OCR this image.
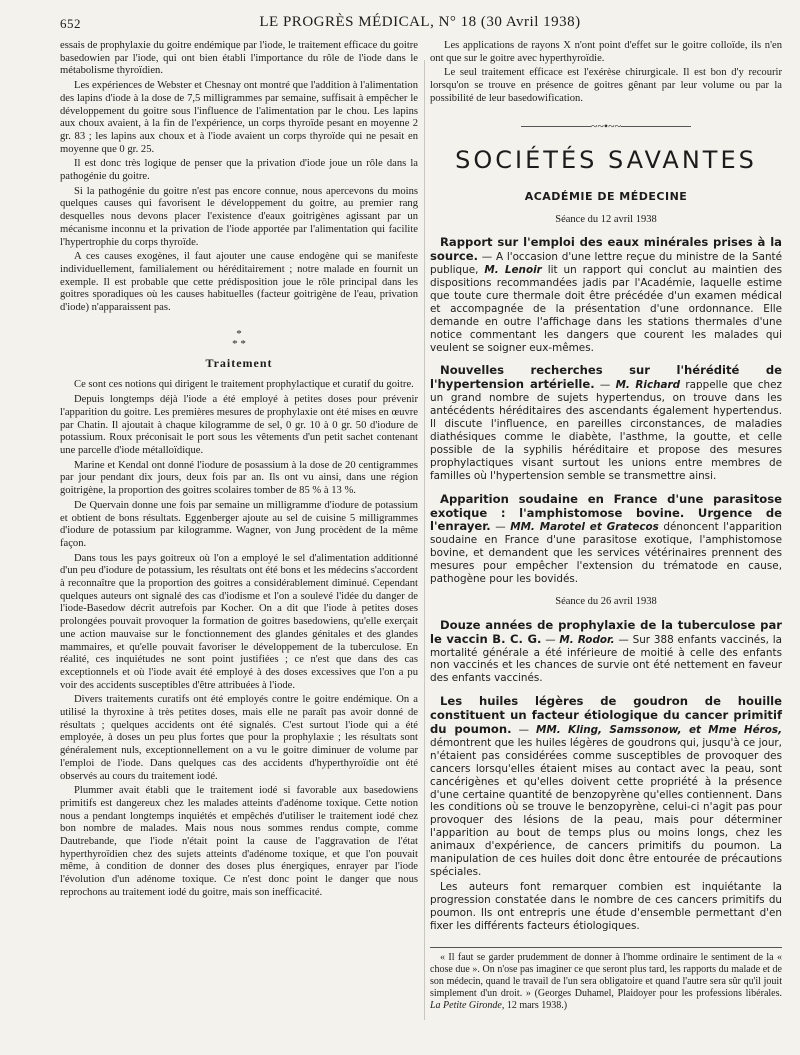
652	LE PROGRÈS MÉDICAL, N° 18 (30 Avril 1938)

essais de prophylaxie du goitre endémique par l'iode, le traitement efficace du goitre basedowien par l'iode, qui ont bien établi l'importance du rôle de l'iode dans le métabolisme thyroïdien.

Les expériences de Webster et Chesnay ont montré que l'addition à l'alimentation des lapins d'iode à la dose de 7,5 milligrammes par semaine, suffisait à empêcher le développement du goitre sous l'influence de l'alimentation par le chou. Les lapins aux choux avaient, à la fin de l'expérience, un corps thyroïde pesant en moyenne 2 gr. 83 ; les lapins aux choux et à l'iode avaient un corps thyroïde qui ne pesait en moyenne que 0 gr. 25.

Il est donc très logique de penser que la privation d'iode joue un rôle dans la pathogénie du goitre.

Si la pathogénie du goitre n'est pas encore connue, nous apercevons du moins quelques causes qui favorisent le développement du goitre, au premier rang desquelles nous devons placer l'existence d'eaux goitrigènes agissant par un mécanisme inconnu et la privation de l'iode apportée par l'alimentation qui facilite l'hypertrophie du corps thyroïde.

A ces causes exogènes, il faut ajouter une cause endogène qui se manifeste individuellement, familialement ou héréditairement ; notre malade en fournit un exemple. Il est probable que cette prédisposition joue le rôle principal dans les goitres sporadiques où les causes habituelles (facteur goitrigène de l'eau, privation d'iode) n'apparaissent pas.

*
* *
Traitement

Ce sont ces notions qui dirigent le traitement prophylactique et curatif du goitre.

Depuis longtemps déjà l'iode a été employé à petites doses pour prévenir l'apparition du goitre. Les premières mesures de prophylaxie ont été mises en œuvre par Chatin. Il ajoutait à chaque kilogramme de sel, 0 gr. 10 à 0 gr. 50 d'iodure de potassium. Roux préconisait le port sous les vêtements d'un petit sachet contenant une parcelle d'iode métalloïdique.

Marine et Kendal ont donné l'iodure de posassium à la dose de 20 centigrammes par jour pendant dix jours, deux fois par an. Ils ont vu ainsi, dans une région goitrigène, la proportion des goitres scolaires tomber de 85 % à 13 %.

De Quervain donne une fois par semaine un milligramme d'iodure de potassium et obtient de bons résultats. Eggenberger ajoute au sel de cuisine 5 milligrammes d'iodure de potassium par kilogramme. Wagner, von Jung procèdent de la même façon.

Dans tous les pays goitreux où l'on a employé le sel d'alimentation additionné d'un peu d'iodure de potassium, les résultats ont été bons et les médecins s'accordent à reconnaître que la proportion des goitres a considérablement diminué. Cependant quelques auteurs ont signalé des cas d'iodisme et l'on a soulevé l'idée du danger de l'iode-Basedow décrit autrefois par Kocher. On a dit que l'iode à petites doses prolongées pouvait provoquer la formation de goitres basedowiens, qu'elle exerçait une action mauvaise sur le fonctionnement des glandes génitales et des glandes mammaires, et qu'elle pouvait favoriser le développement de la tuberculose. En réalité, ces inquiétudes ne sont point justifiées ; ce n'est que dans des cas exceptionnels et où l'iode avait été employé à des doses excessives que l'on a pu voir des accidents susceptibles d'être attribuées à l'iode.

Divers traitements curatifs ont été employés contre le goitre endémique. On a utilisé la thyroxine à très petites doses, mais elle ne paraît pas avoir donné de résultats ; quelques accidents ont été signalés. C'est surtout l'iode qui a été employée, à doses un peu plus fortes que pour la prophylaxie ; les résultats sont généralement nuls, exceptionnellement on a vu le goitre diminuer de volume par l'emploi de l'iode. Dans quelques cas des accidents d'hyperthyroïdie ont été observés au cours du traitement iodé.

Plummer avait établi que le traitement iodé si favorable aux basedowiens primitifs est dangereux chez les malades atteints d'adénome toxique. Cette notion nous a pendant longtemps inquiétés et empêchés d'utiliser le traitement iodé chez bon nombre de malades. Mais nous nous sommes rendus compte, comme Dautrebande, que l'iode n'était point la cause de l'aggravation de l'état hyperthyroïdien chez des sujets atteints d'adénome toxique, et que l'on pouvait même, à condition de donner des doses plus énergiques, enrayer par l'iode l'évolution d'un adénome toxique. Ce n'est donc point le danger que nous reprochons au traitement iodé du goitre, mais son inefficacité.

Les applications de rayons X n'ont point d'effet sur le goitre colloïde, ils n'en ont que sur le goitre avec hyperthyroïdie.

Le seul traitement efficace est l'exérèse chirurgicale. Il est bon d'y recourir lorsqu'on se trouve en présence de goitres gênant par leur volume ou par la possibilité de leur basedowification.

~~•~~
SOCIÉTÉS SAVANTES
ACADÉMIE DE MÉDECINE
Séance du 12 avril 1938

Rapport sur l'emploi des eaux minérales prises à la source. — A l'occasion d'une lettre reçue du ministre de la Santé publique, M. Lenoir lit un rapport qui conclut au maintien des dispositions recommandées jadis par l'Académie, laquelle estime que toute cure thermale doit être précédée d'un examen médical et accompagnée de la présentation d'une ordonnance. Elle demande en outre l'affichage dans les stations thermales d'une notice commentant les dangers que courent les malades qui veulent se soigner eux-mêmes.

Nouvelles recherches sur l'hérédité de l'hypertension artérielle. — M. Richard rappelle que chez un grand nombre de sujets hypertendus, on trouve dans les antécédents héréditaires des ascendants également hypertendus. Il discute l'influence, en pareilles circonstances, de maladies diathésiques comme le diabète, l'asthme, la goutte, et celle possible de la syphilis héréditaire et propose des mesures prophylactiques visant surtout les unions entre membres de familles où l'hypertension semble se transmettre ainsi.

Apparition soudaine en France d'une parasitose exotique : l'amphistomose bovine. Urgence de l'enrayer. — MM. Marotel et Gratecos dénoncent l'apparition soudaine en France d'une parasitose exotique, l'amphistomose bovine, et demandent que les services vétérinaires prennent des mesures pour empêcher l'extension du trématode en cause, pathogène pour les bovidés.

Séance du 26 avril 1938

Douze années de prophylaxie de la tuberculose par le vaccin B. C. G. — M. Rodor. — Sur 388 enfants vaccinés, la mortalité générale a été inférieure de moitié à celle des enfants non vaccinés et les chances de survie ont été nettement en faveur des enfants vaccinés.

Les huiles légères de goudron de houille constituent un facteur étiologique du cancer primitif du poumon. — MM. Kling, Samssonow, et Mme Héros, démontrent que les huiles légères de goudrons qui, jusqu'à ce jour, n'étaient pas considérées comme susceptibles de provoquer des cancers lorsqu'elles étaient mises au contact avec la peau, sont cancérigènes et qu'elles doivent cette propriété à la présence d'une certaine quantité de benzopyrène qu'elles contiennent. Dans les conditions où se trouve le benzopyrène, celui-ci n'agit pas pour provoquer des lésions de la peau, mais pour déterminer l'apparition au bout de temps plus ou moins longs, chez les animaux d'expérience, de cancers primitifs du poumon. La manipulation de ces huiles doit donc être entourée de précautions spéciales.

Les auteurs font remarquer combien est inquiétante la progression constatée dans le nombre de ces cancers primitifs du poumon. Ils ont entrepris une étude d'ensemble permettant d'en fixer les différents facteurs étiologiques.

« Il faut se garder prudemment de donner à l'homme ordinaire le sentiment de la « chose due ». On n'ose pas imaginer ce que seront plus tard, les rapports du malade et de son médecin, quand le travail de l'un sera obligatoire et quand l'autre sera sûr qu'il jouit simplement d'un droit. » (Georges Duhamel, Plaidoyer pour les professions libérales. La Petite Gironde, 12 mars 1938.)
